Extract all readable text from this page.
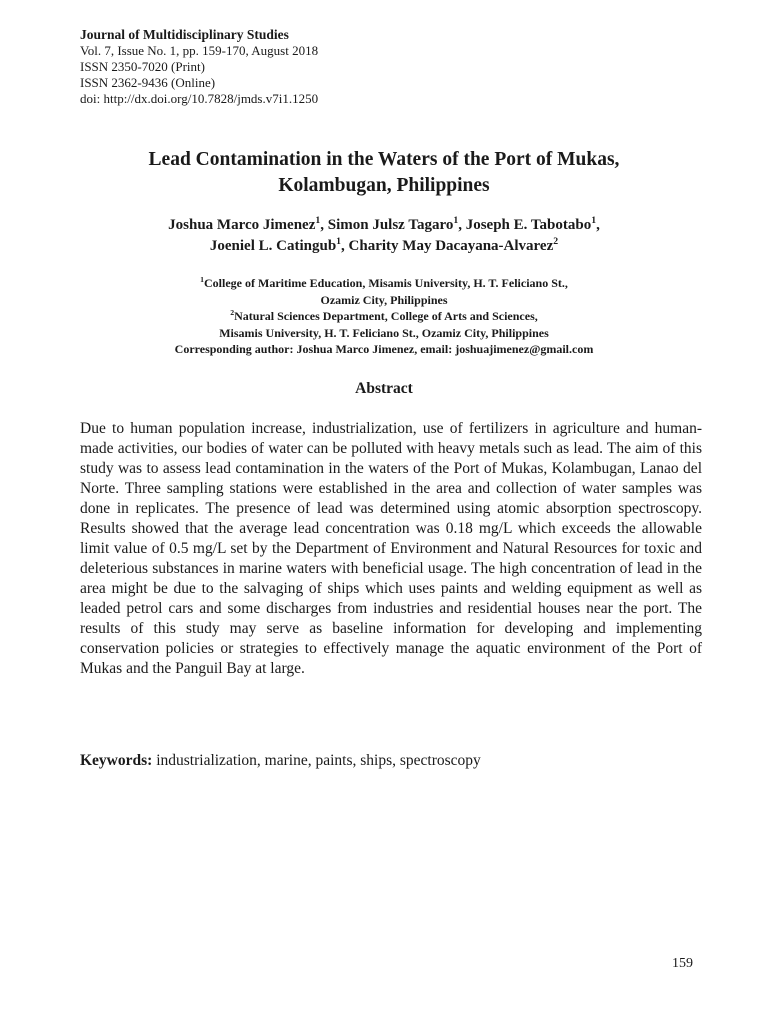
Journal of Multidisciplinary Studies
Vol. 7, Issue No. 1, pp. 159-170, August 2018
ISSN 2350-7020 (Print)
ISSN 2362-9436 (Online)
doi: http://dx.doi.org/10.7828/jmds.v7i1.1250
Lead Contamination in the Waters of the Port of Mukas,
Kolambugan, Philippines
Joshua Marco Jimenez$^1$, Simon Julsz Tagaro$^1$, Joseph E. Tabotabo$^1$,
Joeniel L. Catingub$^1$, Charity May Dacayana-Alvarez$^2$
$^1$College of Maritime Education, Misamis University, H. T. Feliciano St.,
Ozamiz City, Philippines
$^2$Natural Sciences Department, College of Arts and Sciences,
Misamis University, H. T. Feliciano St., Ozamiz City, Philippines
Corresponding author: Joshua Marco Jimenez, email: joshuajimenez@gmail.com
Abstract
Due to human population increase, industrialization, use of fertilizers in agriculture and human-made activities, our bodies of water can be polluted with heavy metals such as lead. The aim of this study was to assess lead contamination in the waters of the Port of Mukas, Kolambugan, Lanao del Norte. Three sampling stations were established in the area and collection of water samples was done in replicates. The presence of lead was determined using atomic absorption spectroscopy. Results showed that the average lead concentration was 0.18 mg/L which exceeds the allowable limit value of 0.5 mg/L set by the Department of Environment and Natural Resources for toxic and deleterious substances in marine waters with beneficial usage. The high concentration of lead in the area might be due to the salvaging of ships which uses paints and welding equipment as well as leaded petrol cars and some discharges from industries and residential houses near the port. The results of this study may serve as baseline information for developing and implementing conservation policies or strategies to effectively manage the aquatic environment of the Port of Mukas and the Panguil Bay at large.
Keywords: industrialization, marine, paints, ships, spectroscopy
159
